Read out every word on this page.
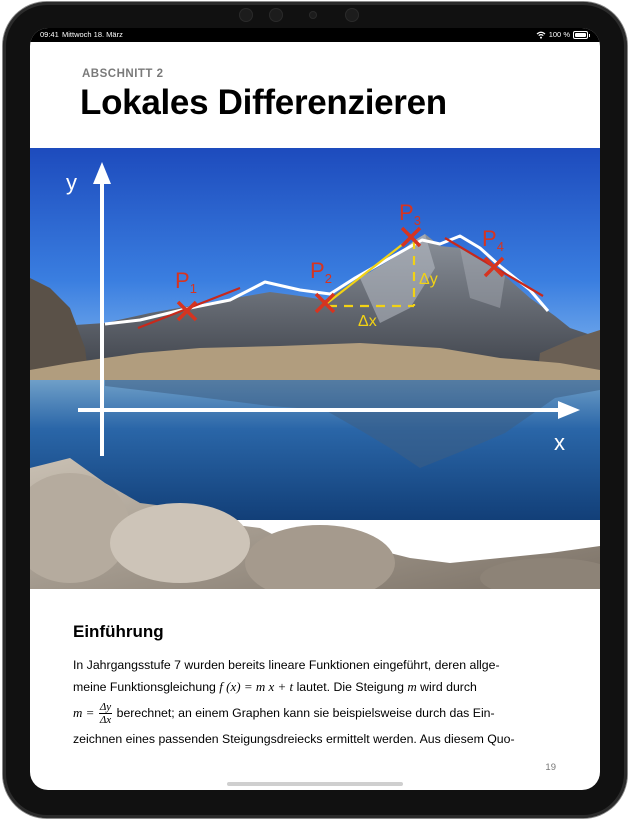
09:41 Mittwoch 18. März	100 %
ABSCHNITT 2
Lokales Differenzieren
y
x
$P_1$
$P_2$
$P_3$
$P_4$
Δy
Δx
Einführung
In Jahrgangsstufe 7 wurden bereits lineare Funktionen eingeführt, deren allge-
meine Funktionsgleichung f (x) = m x + t lautet. Die Steigung m wird durch
$m = \frac{\Delta y}{\Delta x}$ berechnet; an einem Graphen kann sie beispielsweise durch das Ein-
zeichnen eines passenden Steigungsdreiecks ermittelt werden. Aus diesem Quo-
19
